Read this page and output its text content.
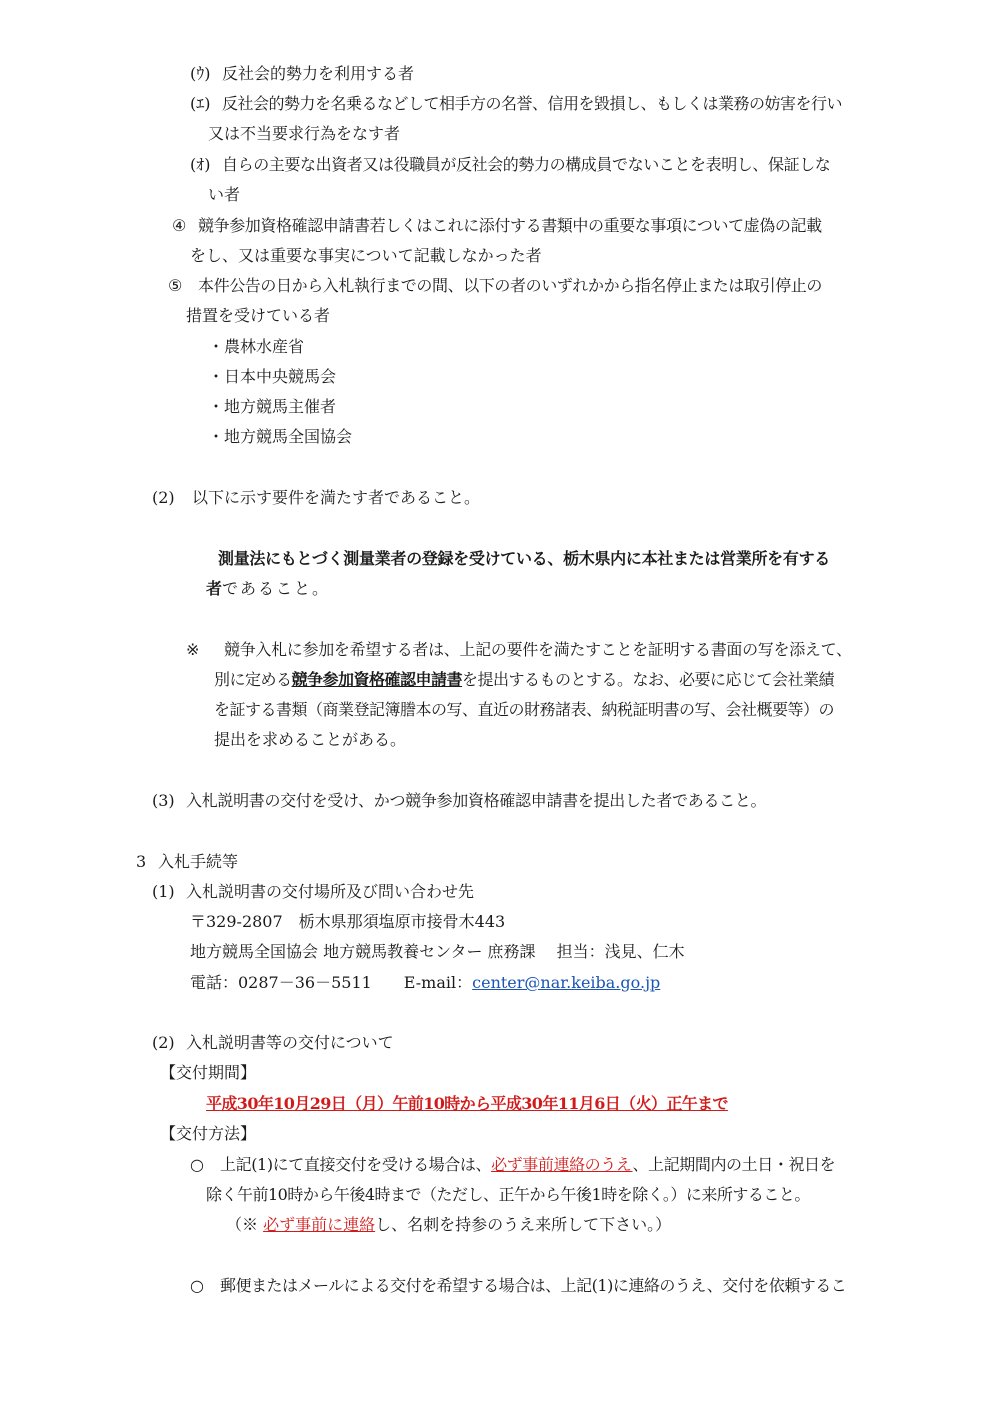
(ｳ) 反社会的勢力を利用する者
(ｴ) 反社会的勢力を名乗るなどして相手方の名誉、信用を毀損し、もしくは業務の妨害を行い
又は不当要求行為をなす者
(ｵ) 自らの主要な出資者又は役職員が反社会的勢力の構成員でないことを表明し、保証しな
い者
④ 競争参加資格確認申請書若しくはこれに添付する書類中の重要な事項について虚偽の記載
をし、又は重要な事実について記載しなかった者
⑤ 本件公告の日から入札執行までの間、以下の者のいずれかから指名停止または取引停止の
措置を受けている者
・農林水産省
・日本中央競馬会
・地方競馬主催者
・地方競馬全国協会
(2) 以下に示す要件を満たす者であること。
測量法にもとづく測量業者の登録を受けている、栃木県内に本社または営業所を有する
者であること。
※ 競争入札に参加を希望する者は、上記の要件を満たすことを証明する書面の写を添えて、
別に定める競争参加資格確認申請書を提出するものとする。なお、必要に応じて会社業績
を証する書類（商業登記簿謄本の写、直近の財務諸表、納税証明書の写、会社概要等）の
提出を求めることがある。
(3) 入札説明書の交付を受け、かつ競争参加資格確認申請書を提出した者であること。
3 入札手続等
(1) 入札説明書の交付場所及び問い合わせ先
〒329-2807　栃木県那須塩原市接骨木443
地方競馬全国協会 地方競馬教養センター 庶務課　 担当：浅見、仁木
電話：0287－36－5511　　E-mail：center@nar.keiba.go.jp
(2) 入札説明書等の交付について
【交付期間】
平成30年10月29日（月）午前10時から平成30年11月6日（火）正午まで
【交付方法】
○ 上記(1)にて直接交付を受ける場合は、必ず事前連絡のうえ、上記期間内の土日・祝日を
除く午前10時から午後4時まで（ただし、正午から午後1時を除く。）に来所すること。
（※ 必ず事前に連絡し、名刺を持参のうえ来所して下さい。）
○ 郵便またはメールによる交付を希望する場合は、上記(1)に連絡のうえ、交付を依頼するこ
